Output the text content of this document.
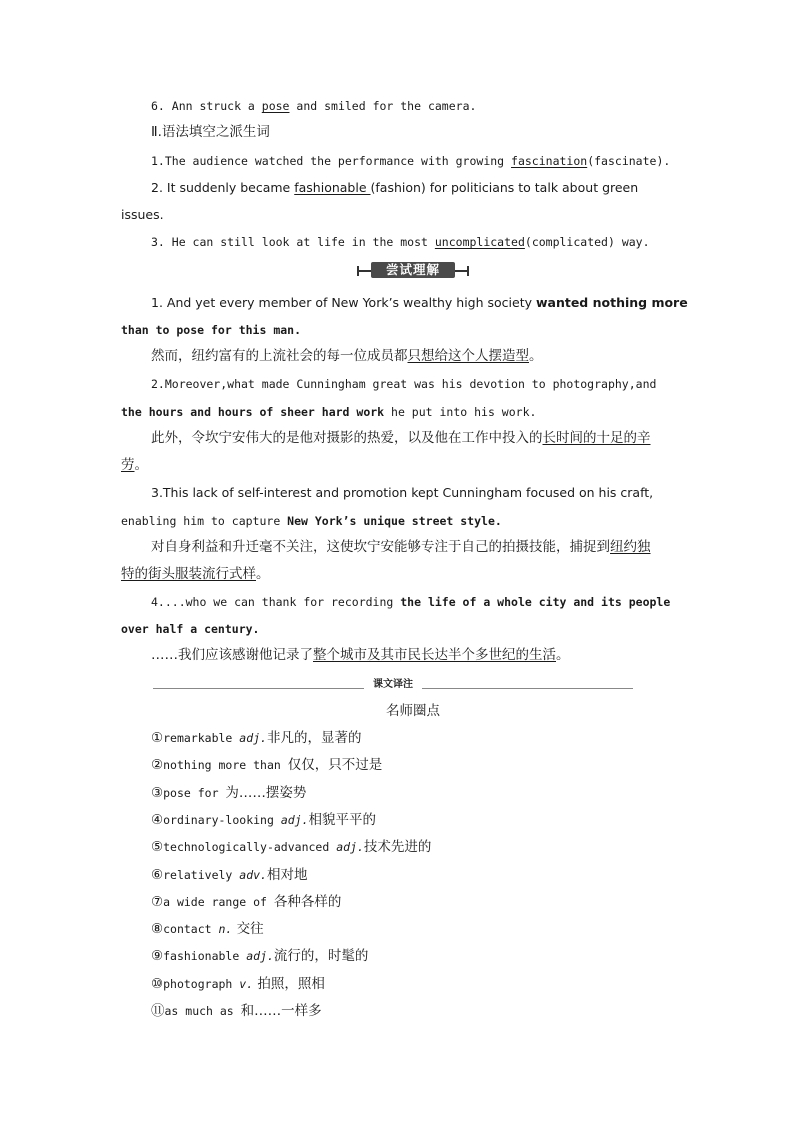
6. Ann struck a pose and smiled for the camera.
Ⅱ.语法填空之派生词
1.The audience watched the performance with growing fascination(fascinate).
2. It suddenly became fashionable (fashion) for politicians to talk about green
issues.
3. He can still look at life in the most uncomplicated(complicated) way.
尝试理解
1. And yet every member of New York’s wealthy high society wanted nothing more
than to pose for this man.
然而，纽约富有的上流社会的每一位成员都只想给这个人摆造型。
2.Moreover,what made Cunningham great was his devotion to photography,and
the hours and hours of sheer hard work he put into his work.
此外，令坎宁安伟大的是他对摄影的热爱，以及他在工作中投入的长时间的十足的辛
劳。
3.This lack of self-interest and promotion kept Cunningham focused on his craft,
enabling him to capture New York’s unique street style.
对自身利益和升迁毫不关注，这使坎宁安能够专注于自己的拍摄技能，捕捉到纽约独
特的街头服装流行式样。
4....who we can thank for recording the life of a whole city and its people
over half a century.
……我们应该感谢他记录了整个城市及其市民长达半个多世纪的生活。
课文译注
名师圈点
①remarkable adj.非凡的，显著的
②nothing more than 仅仅，只不过是
③pose for 为……摆姿势
④ordinary-looking adj.相貌平平的
⑤technologically-advanced adj.技术先进的
⑥relatively adv.相对地
⑦a wide range of 各种各样的
⑧contact n. 交往
⑨fashionable adj.流行的，时髦的
⑩photograph v. 拍照，照相
⑪as much as 和……一样多
